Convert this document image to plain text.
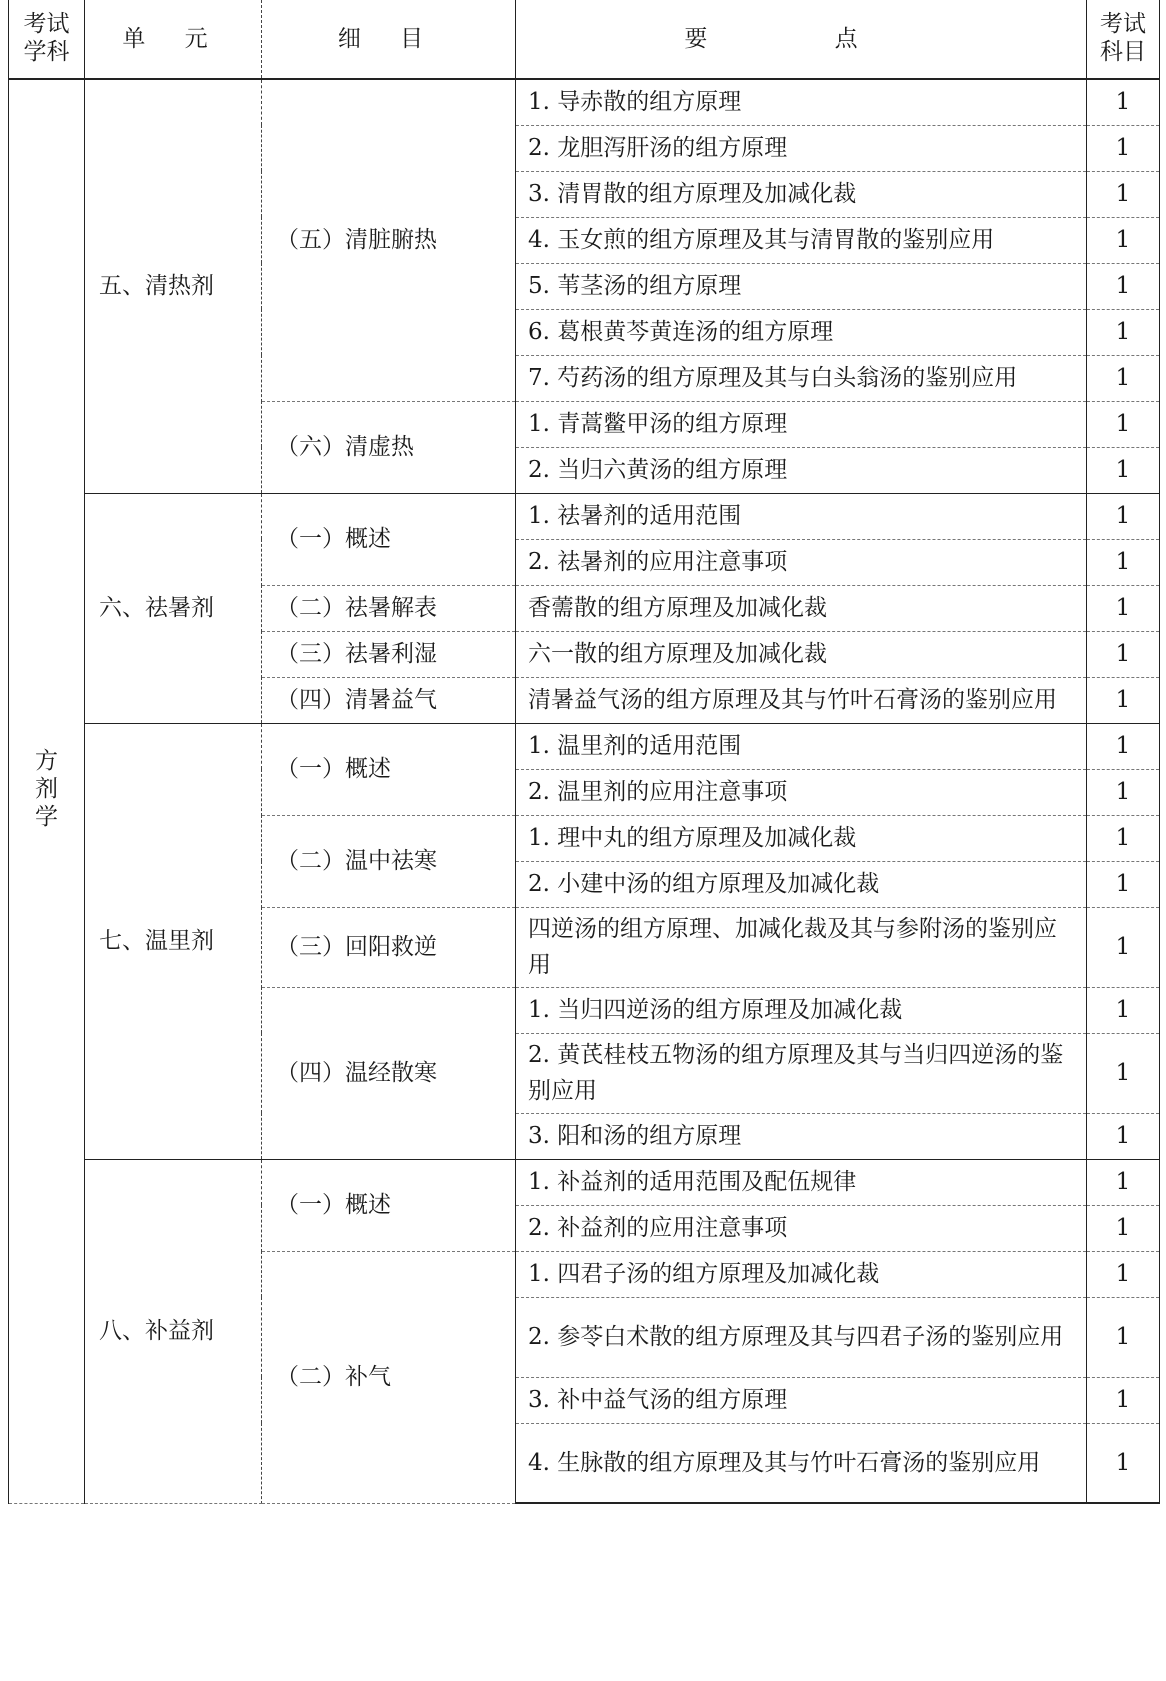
考试学科	单 元	细 目	要 点	考试科目
方剂学	五、清热剂	（五）清脏腑热	1. 导赤散的组方原理	1
			2. 龙胆泻肝汤的组方原理	1
			3. 清胃散的组方原理及加减化裁	1
			4. 玉女煎的组方原理及其与清胃散的鉴别应用	1
			5. 苇茎汤的组方原理	1
			6. 葛根黄芩黄连汤的组方原理	1
			7. 芍药汤的组方原理及其与白头翁汤的鉴别应用	1
		（六）清虚热	1. 青蒿鳖甲汤的组方原理	1
			2. 当归六黄汤的组方原理	1
	六、祛暑剂	（一）概述	1. 祛暑剂的适用范围	1
			2. 祛暑剂的应用注意事项	1
		（二）祛暑解表	香薷散的组方原理及加减化裁	1
		（三）祛暑利湿	六一散的组方原理及加减化裁	1
		（四）清暑益气	清暑益气汤的组方原理及其与竹叶石膏汤的鉴别应用	1
	七、温里剂	（一）概述	1. 温里剂的适用范围	1
			2. 温里剂的应用注意事项	1
		（二）温中祛寒	1. 理中丸的组方原理及加减化裁	1
			2. 小建中汤的组方原理及加减化裁	1
		（三）回阳救逆	四逆汤的组方原理、加减化裁及其与参附汤的鉴别应用	1
		（四）温经散寒	1. 当归四逆汤的组方原理及加减化裁	1
			2. 黄芪桂枝五物汤的组方原理及其与当归四逆汤的鉴别应用	1
			3. 阳和汤的组方原理	1
	八、补益剂	（一）概述	1. 补益剂的适用范围及配伍规律	1
			2. 补益剂的应用注意事项	1
		（二）补气	1. 四君子汤的组方原理及加减化裁	1
			2. 参苓白术散的组方原理及其与四君子汤的鉴别应用	1
			3. 补中益气汤的组方原理	1
			4. 生脉散的组方原理及其与竹叶石膏汤的鉴别应用	1
